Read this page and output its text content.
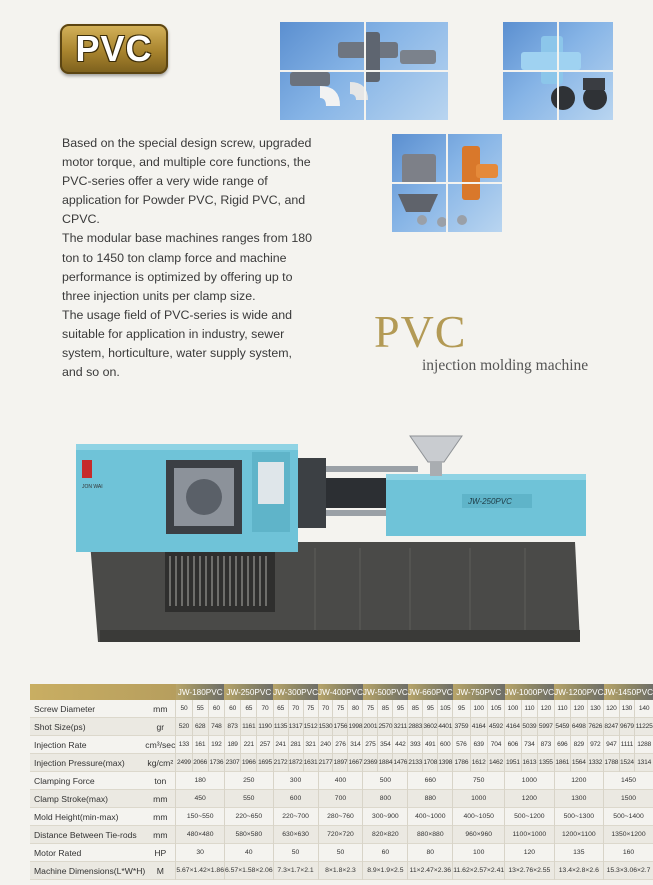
PVC

Based on the special design screw, upgraded motor torque, and multiple core functions, the PVC-series offer a very wide range of application for Powder PVC, Rigid PVC, and CPVC.

The modular base machines ranges from 180 ton to 1450 ton clamp force and machine performance is optimized by offering up to three injection units per clamp size.

The usage field of PVC-series is wide and suitable for application in industry, sewer system, horticulture, water supply system, and so on.

PVC
injection molding machine
JON WAI
JW-250PVC
		JW-180PVC			JW-250PVC			JW-300PVC			JW-400PVC			JW-500PVC			JW-660PVC			JW-750PVC			JW-1000PVC			JW-1200PVC			JW-1450PVC		
Screw Diameter	mm	50	55	60	60	65	70	65	70	75	70	75	80	75	85	95	85	95	105	95	100	105	100	110	120	110	120	130	120	130	140
Shot Size(ps)	gr	520	628	748	873	1161	1190	1135	1317	1512	1530	1756	1998	2001	2570	3211	2883	3602	4401	3759	4164	4592	4164	5039	5997	5459	6498	7626	8247	9679	11225
Injection Rate	cm³/sec	133	161	192	189	221	257	241	281	321	240	276	314	275	354	442	393	491	600	576	639	704	606	734	873	696	829	972	947	1111	1288
Injection Pressure(max)	kg/cm²	2499	2066	1736	2307	1966	1695	2172	1872	1631	2177	1897	1667	2369	1884	1476	2133	1708	1398	1786	1612	1462	1951	1613	1355	1861	1564	1332	1788	1524	1314
Clamping Force	ton	180			250			300			400			500			660			750			1000			1200			1450		
Clamp Stroke(max)	mm	450			550			600			700			800			880			1000			1200			1300			1500		
Mold Height(min-max)	mm	150~550			220~650			220~700			280~760			300~900			400~1000			400~1050			500~1200			500~1300			500~1400		
Distance Between Tie-rods	mm	480×480			580×580			630×630			720×720			820×820			880×880			960×960			1100×1000			1200×1100			1350×1200		
Motor Rated	HP	30			40			50			50			60			80			100			120			135			160		
Machine Dimensions(L*W*H)	M	5.67×1.42×1.86			6.57×1.58×2.06			7.3×1.7×2.1			8×1.8×2.3			8.9×1.9×2.5			11×2.47×2.36			11.62×2.57×2.41			13×2.76×2.55			13.4×2.8×2.6			15.3×3.06×2.7		
